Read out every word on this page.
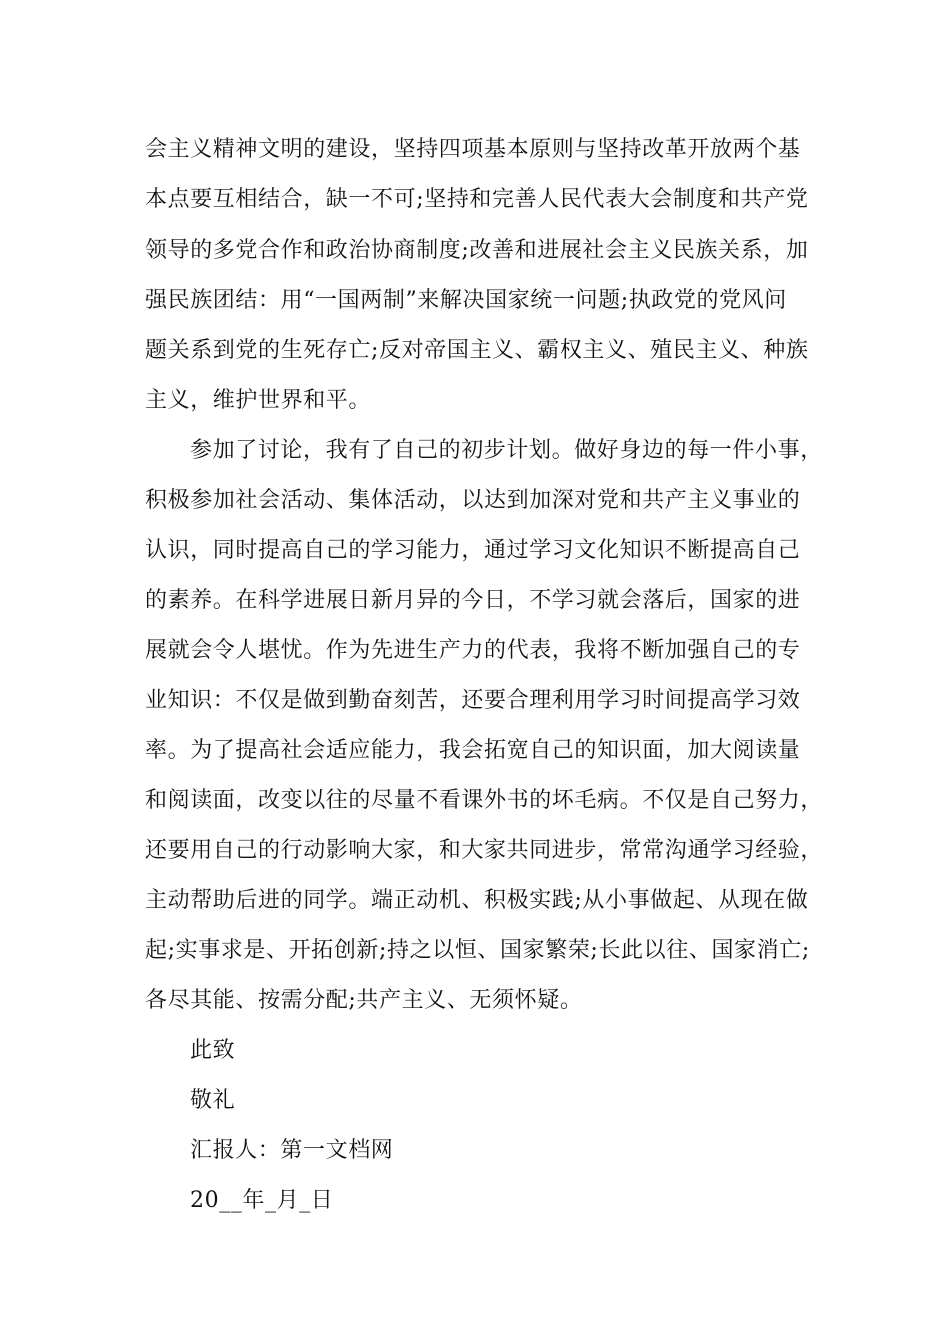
会主义精神文明的建设，坚持四项基本原则与坚持改革开放两个基
本点要互相结合，缺一不可;坚持和完善人民代表大会制度和共产党
领导的多党合作和政治协商制度;改善和进展社会主义民族关系，加
强民族团结：用“一国两制”来解决国家统一问题;执政党的党风问
题关系到党的生死存亡;反对帝国主义、霸权主义、殖民主义、种族
主义，维护世界和平。
参加了讨论，我有了自己的初步计划。做好身边的每一件小事，
积极参加社会活动、集体活动，以达到加深对党和共产主义事业的
认识，同时提高自己的学习能力，通过学习文化知识不断提高自己
的素养。在科学进展日新月异的今日，不学习就会落后，国家的进
展就会令人堪忧。作为先进生产力的代表，我将不断加强自己的专
业知识：不仅是做到勤奋刻苦，还要合理利用学习时间提高学习效
率。为了提高社会适应能力，我会拓宽自己的知识面，加大阅读量
和阅读面，改变以往的尽量不看课外书的坏毛病。不仅是自己努力，
还要用自己的行动影响大家，和大家共同进步，常常沟通学习经验，
主动帮助后进的同学。端正动机、积极实践;从小事做起、从现在做
起;实事求是、开拓创新;持之以恒、国家繁荣;长此以往、国家消亡;
各尽其能、按需分配;共产主义、无须怀疑。
此致
敬礼
汇报人：第一文档网
20__年_月_日
